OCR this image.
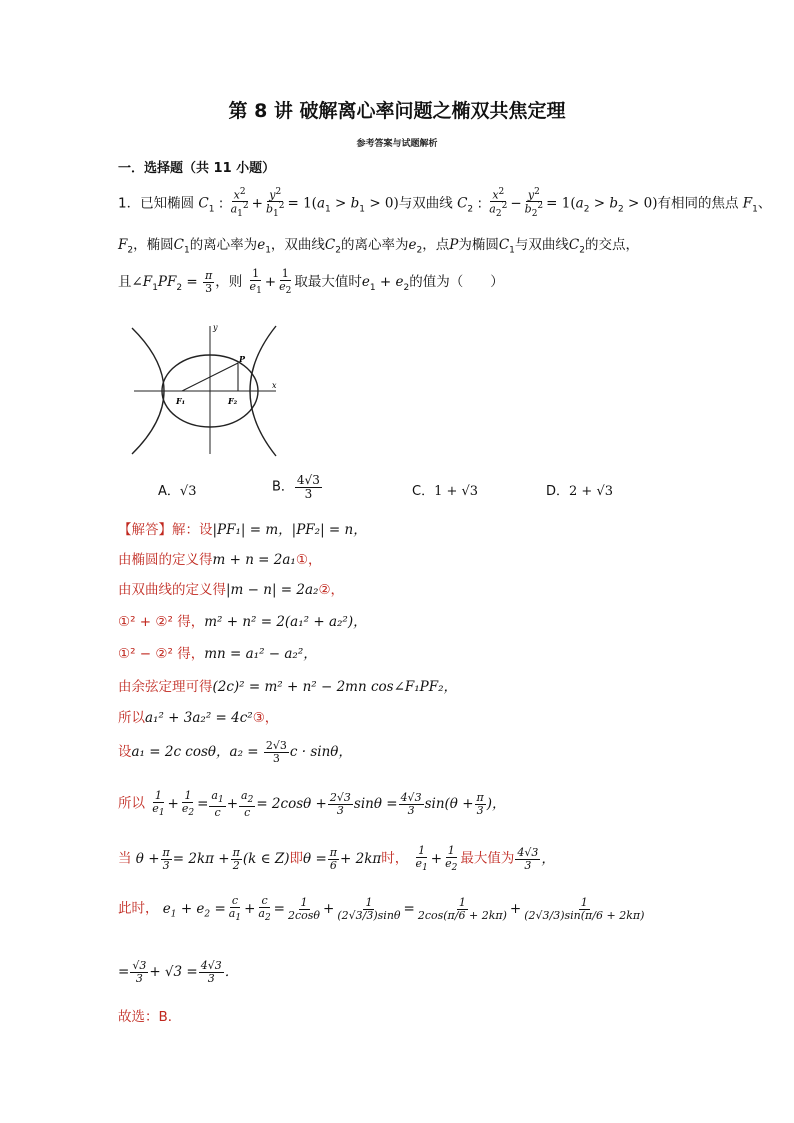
第 8 讲 破解离心率问题之椭双共焦定理
参考答案与试题解析
一．选择题（共 11 小题）
1．已知椭圆 $C_1$ : $\frac{x^2}{a_1^2} + \frac{y^2}{b_1^2} = 1(a_1 > b_1 > 0)$与双曲线 $C_2$ : $\frac{x^2}{a_2^2} - \frac{y^2}{b_2^2} = 1(a_2 > b_2 > 0)$有相同的焦点 $F_1$、
$F_2$，椭圆$C_1$的离心率为$e_1$，双曲线$C_2$的离心率为$e_2$，点P为椭圆$C_1$与双曲线$C_2$的交点，
且$\angle F_1PF_2 = \frac{\pi}{3}$ ，则 $\frac{1}{e_1} + \frac{1}{e_2}$ 取最大值时$e_1 + e_2$的值为（　　）
x
y
P
F₁	F₂
A．√3	B． $\frac{4√3}{3}$	C．1 + √3	D．2 + √3
【解答】解：设|PF₁| = m，|PF₂| = n，
由椭圆的定义得m + n = 2a₁①，
由双曲线的定义得|m − n| = 2a₂②，
①² + ②² 得，m² + n² = 2(a₁² + a₂²)，
①² − ②² 得，mn = a₁² − a₂²，
由余弦定理可得(2c)² = m² + n² − 2mn cos∠F₁PF₂，
所以a₁² + 3a₂² = 4c²③，
设a₁ = 2c cosθ，$a_2 = \frac{2√3}{3}$ c · sinθ，
所以 $\frac{1}{e_1} + \frac{1}{e_2} = \frac{a_1}{c} + \frac{a_2}{c} = 2\cos\theta + \frac{2√3}{3}$ $\sin\theta = \frac{4√3}{3} \sin(\theta + \frac{\pi}{3}$ )，
当 $\theta + \frac{\pi}{3} = 2k\pi + \frac{\pi}{2} (k$ ∈ Z)即$\theta = \frac{\pi}{6} + 2k\pi$时， $\frac{1}{e_1} + \frac{1}{e_2}$ 最大值为 $\frac{4√3}{3}$ ，
此时， $e_1 + e_2 = \frac{c}{a_1} + \frac{c}{a_2} = \frac{1}{2\cos\theta} + \frac{1}{(2√3/3)\sin\theta} = \frac{1}{2\cos(\pi/6 + 2k\pi)} + \frac{1}{(2√3/3)\sin(\pi/6 + 2k\pi)}$
= $\frac{√3}{3} + √3 = \frac{4√3}{3}$ ．
故选：B．
